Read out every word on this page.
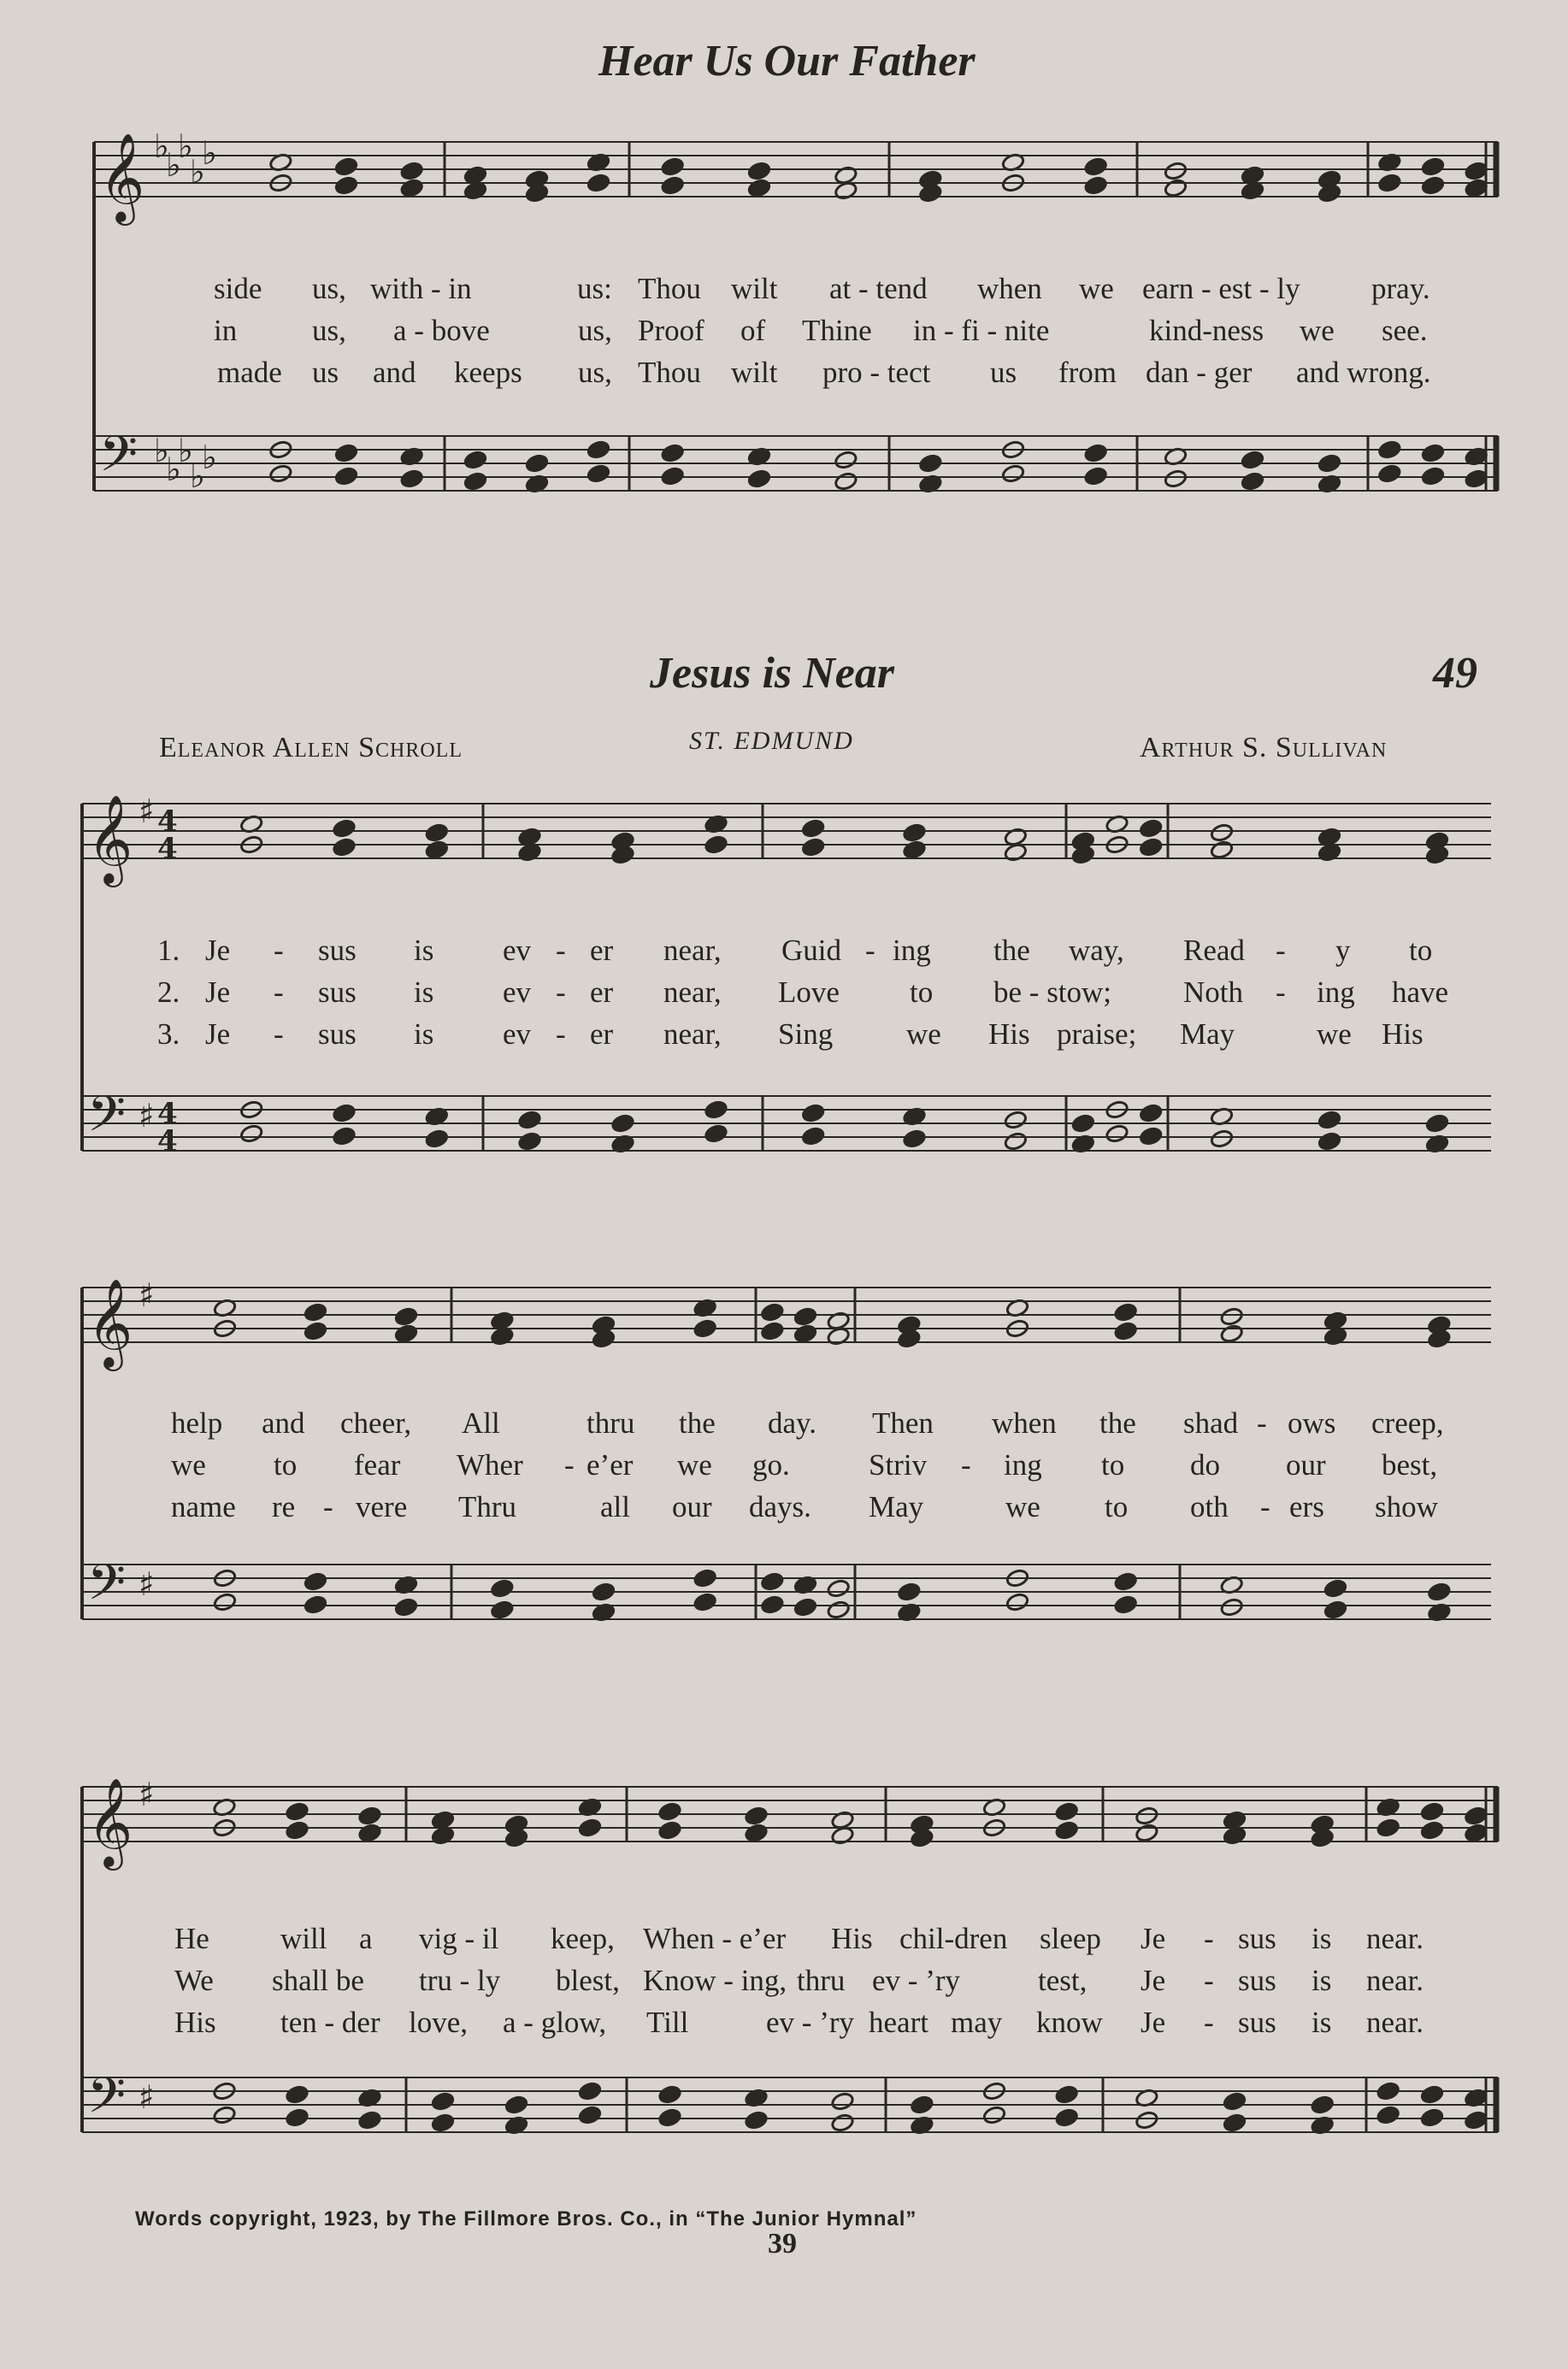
𝄞
𝄢
♭
♭
♭
♭
♭
♭
♭
♭
♭
♭
𝄞
𝄢
♯
♯
4
4
4
4
𝄞
𝄢
♯
♯
𝄞
𝄢
♯
♯
Hear Us Our Father
side us, with - in	us: Thou wilt at - tend when we earn - est - ly pray.
in	us, a - bove	us, Proof of Thine in - fi - nite	kind-ness we see.
made us and keeps us, Thou wilt pro - tect us from dan - ger and wrong.
Jesus is Near	49
Eleanor Allen Schroll	ST. EDMUND	Arthur S. Sullivan
1. Je - sus is ev - er near, Guid - ing the way, Read - y to
2. Je - sus is ev - er near, Love to be - stow; Noth - ing have
3. Je - sus is ev - er near, Sing we His praise; May	we His
help and cheer, All	thru the day. Then when the shad - ows creep,
we to fear Wher - e’er we go.	Striv - ing to do our best,
name re - vere Thru	all our days. May	we to oth - ers show
He will a vig - il keep, When - e’er His chil-dren sleep Je - sus is near.
We shall be tru - ly blest, Know - ing, thru ev - ’ry	test, Je - sus is near.
His ten - der love, a - glow, Till	ev - ’ry heart may know Je - sus is near.
Words copyright, 1923, by The Fillmore Bros. Co., in “The Junior Hymnal”
39
